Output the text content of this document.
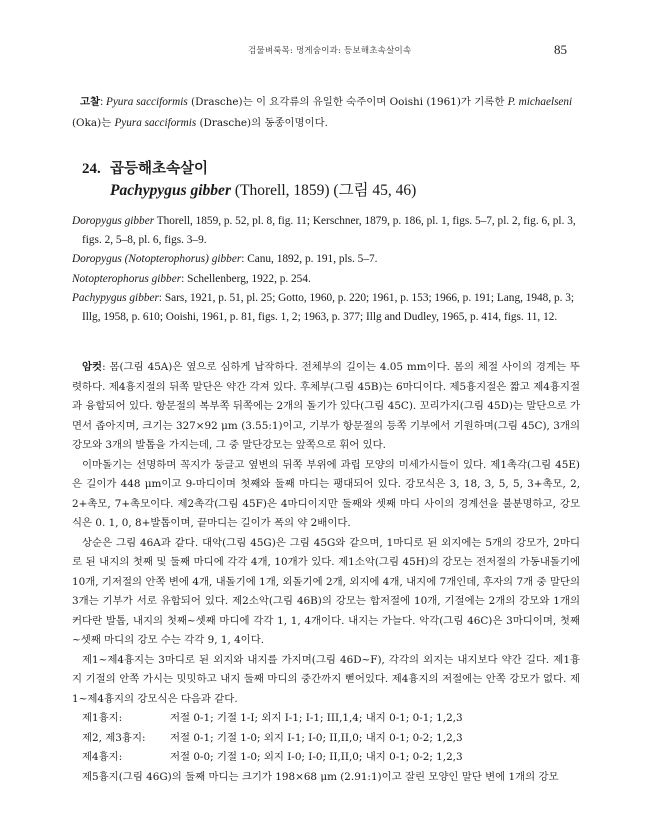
검물벼룩목: 멍게숨이과: 등보해초속살이속	85
고찰: Pyura sacciformis (Drasche)는 이 요각류의 유일한 숙주이며 Ooishi (1961)가 기록한 P. michaelseni (Oka)는 Pyura sacciformis (Drasche)의 동종이명이다.
24. 곱등해초속살이
Pachypygus gibber (Thorell, 1859) (그림 45, 46)

Doropygus gibber Thorell, 1859, p. 52, pl. 8, fig. 11; Kerschner, 1879, p. 186, pl. 1, figs. 5–7, pl. 2, fig. 6, pl. 3, figs. 2, 5–8, pl. 6, figs. 3–9.

Doropygus (Notopterophorus) gibber: Canu, 1892, p. 191, pls. 5–7.

Notopterophorus gibber: Schellenberg, 1922, p. 254.

Pachypygus gibber: Sars, 1921, p. 51, pl. 25; Gotto, 1960, p. 220; 1961, p. 153; 1966, p. 191; Lang, 1948, p. 3; Illg, 1958, p. 610; Ooishi, 1961, p. 81, figs. 1, 2; 1963, p. 377; Illg and Dudley, 1965, p. 414, figs. 11, 12.

암컷: 몸(그림 45A)은 옆으로 심하게 납작하다. 전체부의 길이는 4.05 mm이다. 몸의 체절 사이의 경계는 뚜렷하다. 제4흉지절의 뒤쪽 말단은 약간 각져 있다. 후체부(그림 45B)는 6마디이다. 제5흉지절은 짧고 제4흉지절과 융합되어 있다. 항문절의 복부쪽 뒤쪽에는 2개의 돌기가 있다(그림 45C). 꼬리가지(그림 45D)는 말단으로 가면서 좁아지며, 크기는 327×92 μm (3.55:1)이고, 기부가 항문절의 등쪽 기부에서 기원하며(그림 45C), 3개의 강모와 3개의 발톱을 가지는데, 그 중 말단강모는 앞쪽으로 휘어 있다.

이마돌기는 선명하며 꼭지가 둥글고 옆변의 뒤쪽 부위에 과립 모양의 미세가시들이 있다. 제1촉각(그림 45E)은 길이가 448 μm이고 9-마디이며 첫째와 둘째 마디는 팽대되어 있다. 강모식은 3, 18, 3, 5, 5, 3+촉모, 2, 2+촉모, 7+촉모이다. 제2촉각(그림 45F)은 4마디이지만 둘째와 셋째 마디 사이의 경계선을 불분명하고, 강모식은 0. 1, 0, 8+발톱이며, 끝마디는 길이가 폭의 약 2배이다.

상순은 그림 46A과 같다. 대악(그림 45G)은 그림 45G와 같으며, 1마디로 된 외지에는 5개의 강모가, 2마디로 된 내지의 첫째 및 둘째 마디에 각각 4개, 10개가 있다. 제1소악(그림 45H)의 강모는 전저절의 가동내돌기에 10개, 기저절의 안쪽 변에 4개, 내돌기에 1개, 외돌기에 2개, 외지에 4개, 내지에 7개인데, 후자의 7개 중 말단의 3개는 기부가 서로 유합되어 있다. 제2소악(그림 46B)의 강모는 합저절에 10개, 기절에는 2개의 강모와 1개의 커다란 발톱, 내지의 첫째~셋째 마디에 각각 1, 1, 4개이다. 내지는 가늘다. 악각(그림 46C)은 3마디이며, 첫째~셋째 마디의 강모 수는 각각 9, 1, 4이다.

제1~제4흉지는 3마디로 된 외지와 내지를 가지며(그림 46D~F), 각각의 외지는 내지보다 약간 길다. 제1흉지 기절의 안쪽 가시는 밋밋하고 내지 둘째 마디의 중간까지 뻗어있다. 제4흉지의 저절에는 안쪽 강모가 없다. 제1~제4흉지의 강모식은 다음과 같다.

제1흉지:	저절 0-1; 기절 1-I; 외지 I-1; I-1; III,1,4; 내지 0-1; 0-1; 1,2,3
제2, 제3흉지:	저절 0-1; 기절 1-0; 외지 I-1; I-0; II,II,0; 내지 0-1; 0-2; 1,2,3
제4흉지:	저절 0-0; 기절 1-0; 외지 I-0; I-0; II,II,0; 내지 0-1; 0-2; 1,2,3

제5흉지(그림 46G)의 둘째 마디는 크기가 198×68 μm (2.91:1)이고 잘린 모양인 말단 변에 1개의 강모
